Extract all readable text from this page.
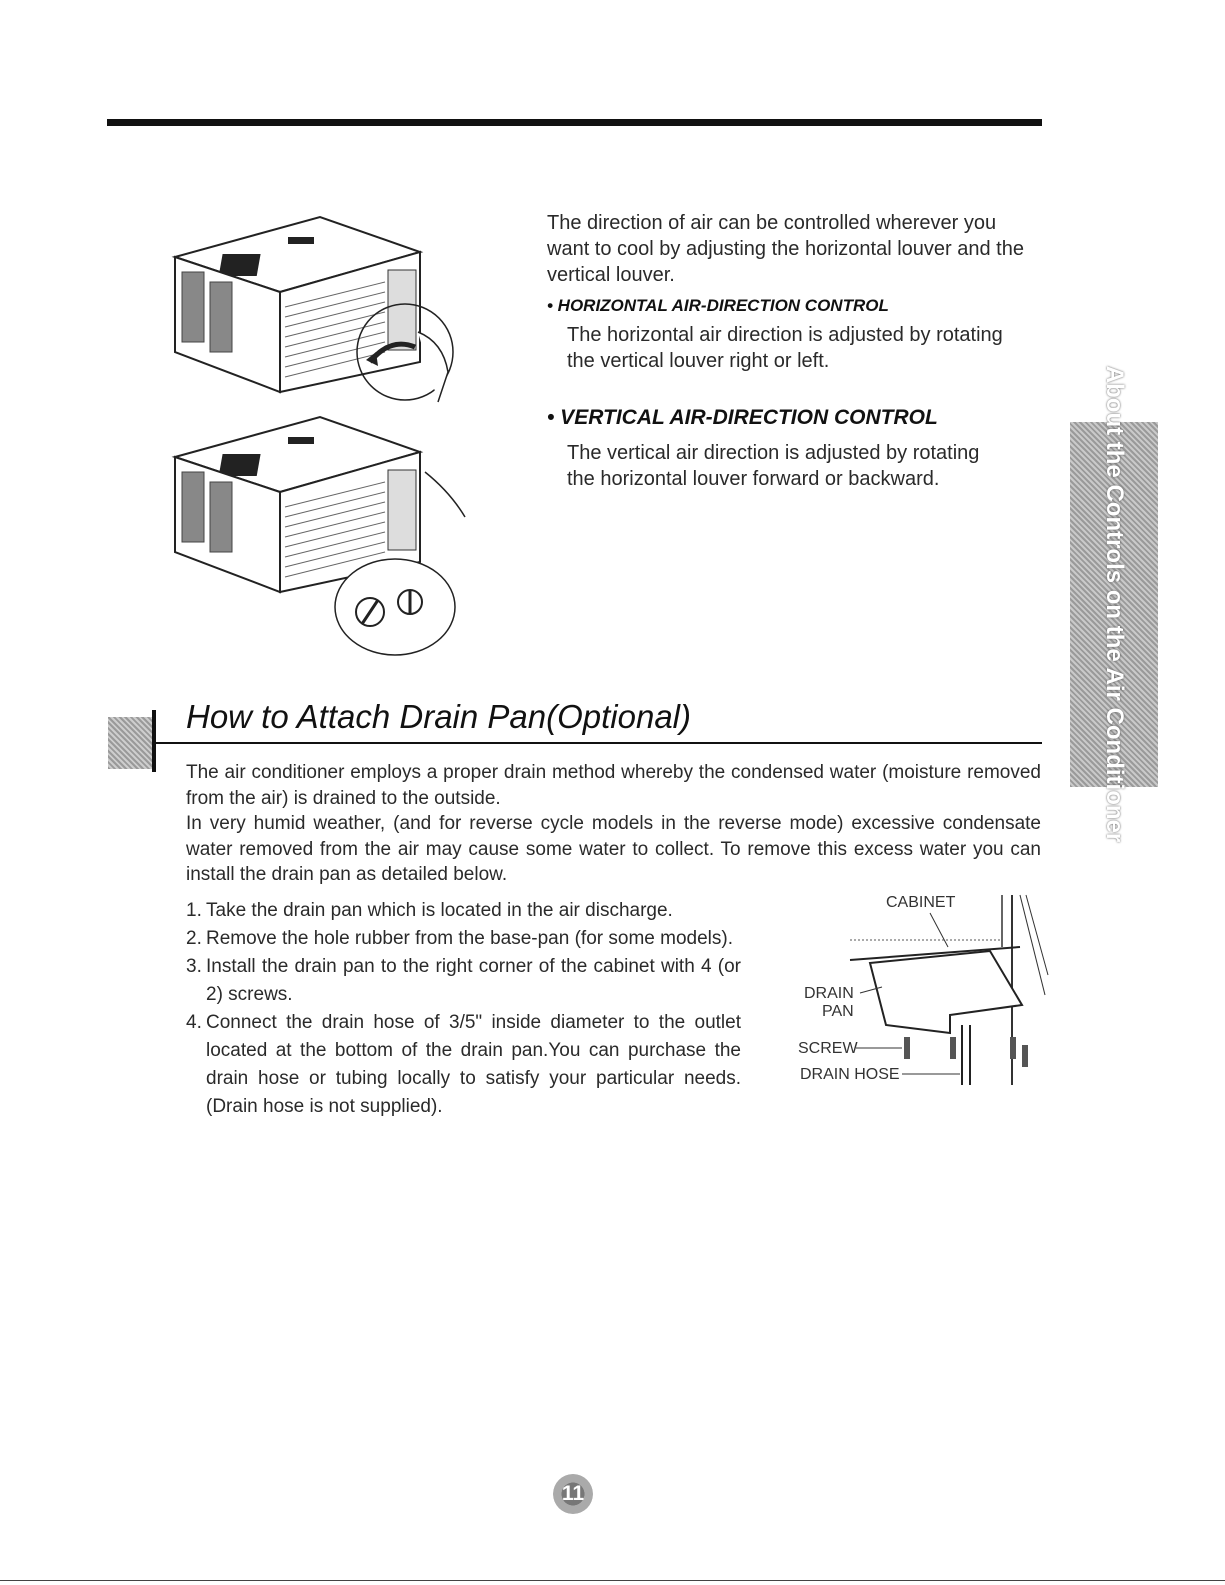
The direction of air can be controlled wherever you want to cool by adjusting the horizontal louver and the vertical louver.

• HORIZONTAL AIR-DIRECTION CONTROL
The horizontal air direction is adjusted by rotating the vertical louver right or left.
• VERTICAL AIR-DIRECTION CONTROL
The vertical air direction is adjusted by rotating the horizontal louver forward or backward.	About the Controls on the Air Conditioner
How to Attach Drain Pan(Optional)

The air conditioner employs a proper drain method whereby the condensed water (moisture removed from the air) is drained to the outside.

In very humid weather, (and for reverse cycle models in the reverse mode) excessive condensate water removed from the air may cause some water to collect. To remove this excess water you can install the drain pan as detailed below.

1. Take the drain pan which is located in the air discharge.
2. Remove the hole rubber from the base-pan (for some models).
3. Install the drain pan to the right corner of the cabinet with 4 (or 2) screws.
4. Connect the drain hose of 3/5" inside diameter to the outlet located at the bottom of the drain pan.You can purchase the drain hose or tubing locally to satisfy your particular needs. (Drain hose is not supplied).
CABINET
DRAIN
PAN
SCREW
DRAIN HOSE
11
